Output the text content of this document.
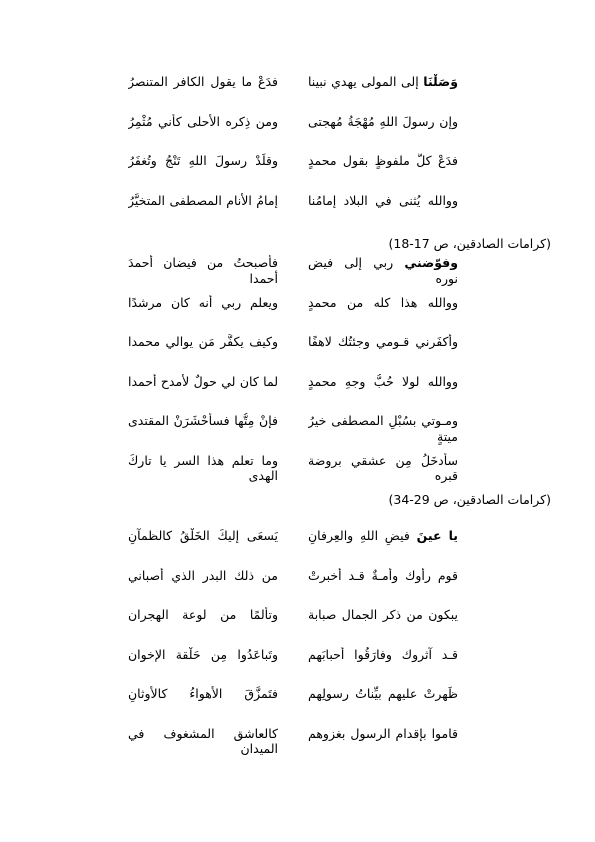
وَصَلْنَا إلى المولى يهدي نبينا
فدَعْ ما يقول الكافر المتنصرُ
وإن رسولَ اللهِ مُهْجَةُ مُهجتى
ومن ذِكره الأحلى كأني مُثْمِرُ
فدَعْ كلَّ ملفوظٍ بقول محمدٍ
وقلِّدْ رسولَ اللهِ تَنْجُ وتُغفَرُ
ووالله يُثنى في البلاد إمامُنا
إمامُ الأنام المصطفى المتخيَّرُ
(كرامات الصادقين، ص 17-18)
وفوّضني ربي إلى فيض نوره
فأصبحتُ من فيضان أحمدَ أحمدا
ووالله هذا كله من محمدٍ
ويعلم ربي أنه كان مرشدًا
وأكفَرني قـومي وجئتُك لاهفًا
وكيف يكفَّر مَن يوالي محمدا
ووالله لولا حُبُّ وجهِ محمدٍ
لما كان لي حولٌ لأمدح أحمدا
ومـوتي بسُبْلِ المصطفى خيرُ ميتةٍ
فإنْ مِتُّها فسأُحْشَرَنْ المقتدى
سأُدخَلُ مِن عشقي بروضة قبره
وما تعلم هذا السر يا تاركَ الهدى
(كرامات الصادقين، ص 29-34)
يا عينَ فيضِ اللهِ والعِرفانِ
يَسعَى إليكَ الخَلْقُ كالظمآنِ
قوم رأوك وأمـةٌ قـد أُخبرتْ
من ذلك البدر الذي أصباني
يبكون من ذكر الجمال صبابة
وتألمًا من لوعة الهجران
قـد آثروك وفارَقُوا أحبابَهم
وتَباعَدُوا مِن حَلْقة الإخوان
ظَهرتْ عليهم بيِّناتُ رسولِهم
فتَمزَّقَ الأهواءُ كالأوثانِ
قاموا بإقدام الرسول بغزوهم
كالعاشق المشغوف في الميدان
